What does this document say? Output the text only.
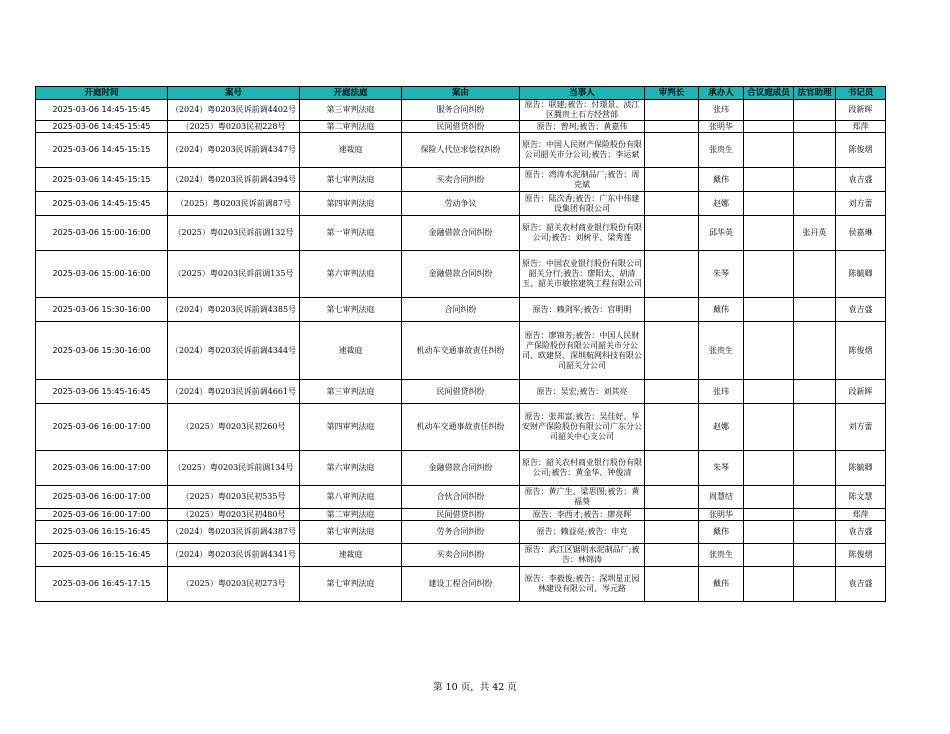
开庭时间	案号	开庭法庭	案由	当事人	审判长	承办人	合议庭成员	法官助理	书记员
2025-03-06 14:45-15:45	（2024）粤0203民诉前调4402号	第三审判法庭	服务合同纠纷	原告：联建;被告：付璟景、浈江区腾贵土石方经营部		张玮			段新晖
2025-03-06 14:45-15:45	（2025）粤0203民初228号	第二审判法庭	民间借贷纠纷	原告：曾珂;被告：黄嘉伟		张明华			郑萍
2025-03-06 14:45-15:15	（2024）粤0203民诉前调4347号	速裁庭	保险人代位求偿权纠纷	原告：中国人民财产保险股份有限公司韶关市分公司;被告：李运斌		张贵生			陈俊熠
2025-03-06 14:45-15:15	（2024）粤0203民诉前调4394号	第七审判法庭	买卖合同纠纷	原告：湾涛水泥制品厂;被告：周克斌		戴伟			袁吉盛
2025-03-06 14:45-15:45	（2025）粤0203民诉前调87号	第四审判法庭	劳动争议	原告：陆次香;被告：广东中伟建设集团有限公司		赵娜			刘方蕾
2025-03-06 15:00-16:00	（2025）粤0203民诉前调132号	第一审判法庭	金融借款合同纠纷	原告：韶关农村商业银行股份有限公司;被告：刘树平、梁秀莲		邱华英		张丹英	侯嘉琳
2025-03-06 15:00-16:00	（2025）粤0203民诉前调135号	第六审判法庭	金融借款合同纠纷	原告：中国农业银行股份有限公司韶关分行;被告：廖阳太、胡清玉、韶关市敏铭建筑工程有限公司		朱琴			陈毓卿
2025-03-06 15:30-16:00	（2024）粤0203民诉前调4385号	第七审判法庭	合同纠纷	原告：赖剑军;被告：官明明		戴伟			袁吉盛
2025-03-06 15:30-16:00	（2024）粤0203民诉前调4344号	速裁庭	机动车交通事故责任纠纷	原告：廖锦芳;被告：中国人民财产保险股份有限公司韶关市分公司、欧建贤、深圳航网科技有限公司韶关分公司		张贵生			陈俊熠
2025-03-06 15:45-16:45	（2024）粤0203民诉前调4661号	第三审判法庭	民间借贷纠纷	原告：吴宏;被告：刘其亮		张玮			段新晖
2025-03-06 16:00-17:00	（2025）粤0203民初260号	第四审判法庭	机动车交通事故责任纠纷	原告：张邦富;被告：吴佳好、华安财产保险股份有限公司广东分公司韶关中心支公司		赵娜			刘方蕾
2025-03-06 16:00-17:00	（2025）粤0203民诉前调134号	第六审判法庭	金融借款合同纠纷	原告：韶关农村商业银行股份有限公司;被告：黄金华、钟俊清		朱琴			陈毓卿
2025-03-06 16:00-17:00	（2025）粤0203民初535号	第八审判法庭	合伙合同纠纷	原告：黄广生、梁思图;被告：黄福葵		周慧结			陈文慧
2025-03-06 16:00-17:00	（2025）粤0203民初480号	第二审判法庭	民间借贷纠纷	原告：李西才;被告：廖亮晖		张明华			郑萍
2025-03-06 16:15-16:45	（2024）粤0203民诉前调4387号	第七审判法庭	劳务合同纠纷	原告：赖益亮;被告：申克		戴伟			袁吉盛
2025-03-06 16:15-16:45	（2024）粤0203民诉前调4341号	速裁庭	买卖合同纠纷	原告：武江区锯明水泥制品厂;被告：林锦涛		张贵生			陈俊熠
2025-03-06 16:45-17:15	（2025）粤0203民初273号	第七审判法庭	建设工程合同纠纷	原告：李毅俊;被告：深圳星正园林建设有限公司、岑元路		戴伟			袁吉盛
第 10 页，共 42 页
